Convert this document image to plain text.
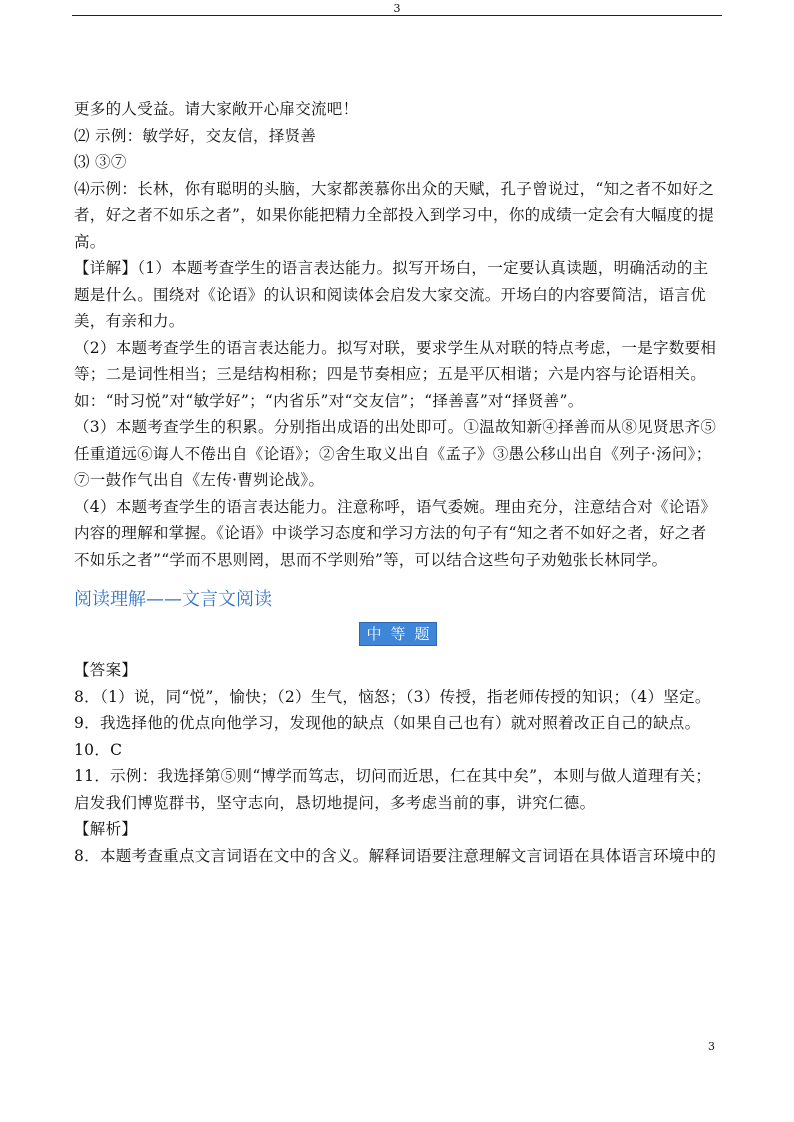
3

更多的人受益。请大家敞开心扉交流吧！

⑵ 示例：敏学好，交友信，择贤善

⑶ ③⑦

⑷示例：长林，你有聪明的头脑，大家都羡慕你出众的天赋，孔子曾说过，“知之者不如好之者，好之者不如乐之者”，如果你能把精力全部投入到学习中，你的成绩一定会有大幅度的提高。

【详解】（1）本题考查学生的语言表达能力。拟写开场白，一定要认真读题，明确活动的主题是什么。围绕对《论语》的认识和阅读体会启发大家交流。开场白的内容要简洁，语言优美，有亲和力。

（2）本题考查学生的语言表达能力。拟写对联，要求学生从对联的特点考虑，一是字数要相等；二是词性相当；三是结构相称；四是节奏相应；五是平仄相谐；六是内容与论语相关。如：“时习悦”对“敏学好”；“内省乐”对“交友信”；“择善喜”对“择贤善”。

（3）本题考查学生的积累。分别指出成语的出处即可。①温故知新④择善而从⑧见贤思齐⑤任重道远⑥诲人不倦出自《论语》；②舍生取义出自《孟子》③愚公移山出自《列子·汤问》；⑦一鼓作气出自《左传·曹刿论战》。

（4）本题考查学生的语言表达能力。注意称呼，语气委婉。理由充分，注意结合对《论语》内容的理解和掌握。《论语》中谈学习态度和学习方法的句子有“知之者不如好之者，好之者不如乐之者”“学而不思则罔，思而不学则殆”等，可以结合这些句子劝勉张长林同学。

阅读理解——文言文阅读
中 等 题

【答案】

8．（1）说，同“悦”，愉快；（2）生气，恼怒；（3）传授，指老师传授的知识；（4）坚定。

9．我选择他的优点向他学习，发现他的缺点（如果自己也有）就对照着改正自己的缺点。

10．C

11．示例：我选择第⑤则“博学而笃志，切问而近思，仁在其中矣”，本则与做人道理有关；启发我们博览群书，坚守志向，恳切地提问，多考虑当前的事，讲究仁德。

【解析】

8．本题考查重点文言词语在文中的含义。解释词语要注意理解文言词语在具体语言环境中的

3
